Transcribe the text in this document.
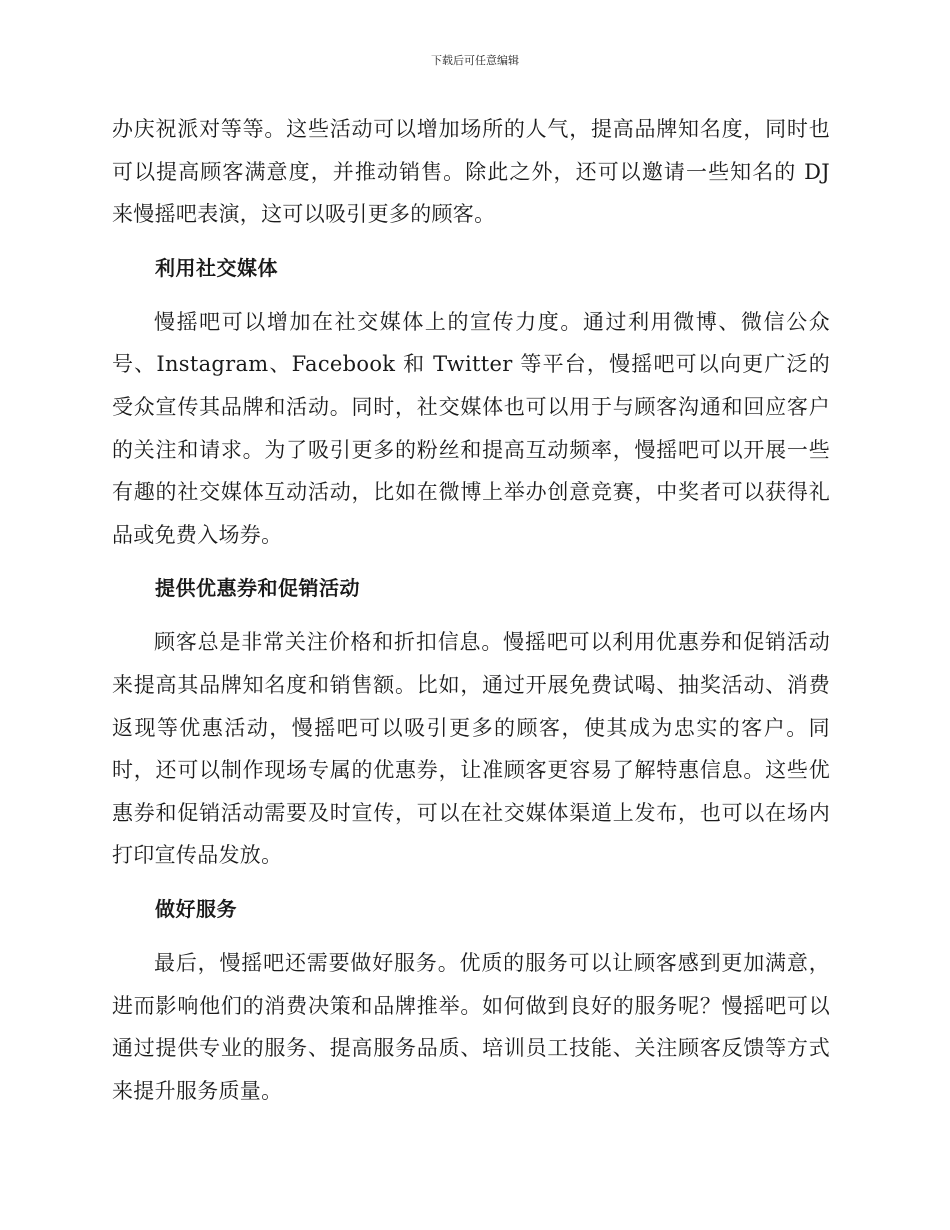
下载后可任意编辑

办庆祝派对等等。这些活动可以增加场所的人气，提高品牌知名度，同时也可以提高顾客满意度，并推动销售。除此之外，还可以邀请一些知名的 DJ 来慢摇吧表演，这可以吸引更多的顾客。

利用社交媒体

慢摇吧可以增加在社交媒体上的宣传力度。通过利用微博、微信公众号、Instagram、Facebook 和 Twitter 等平台，慢摇吧可以向更广泛的受众宣传其品牌和活动。同时，社交媒体也可以用于与顾客沟通和回应客户的关注和请求。为了吸引更多的粉丝和提高互动频率，慢摇吧可以开展一些有趣的社交媒体互动活动，比如在微博上举办创意竞赛，中奖者可以获得礼品或免费入场券。

提供优惠券和促销活动

顾客总是非常关注价格和折扣信息。慢摇吧可以利用优惠券和促销活动来提高其品牌知名度和销售额。比如，通过开展免费试喝、抽奖活动、消费返现等优惠活动，慢摇吧可以吸引更多的顾客，使其成为忠实的客户。同时，还可以制作现场专属的优惠券，让准顾客更容易了解特惠信息。这些优惠券和促销活动需要及时宣传，可以在社交媒体渠道上发布，也可以在场内打印宣传品发放。

做好服务

最后，慢摇吧还需要做好服务。优质的服务可以让顾客感到更加满意，进而影响他们的消费决策和品牌推举。如何做到良好的服务呢？慢摇吧可以通过提供专业的服务、提高服务品质、培训员工技能、关注顾客反馈等方式来提升服务质量。
